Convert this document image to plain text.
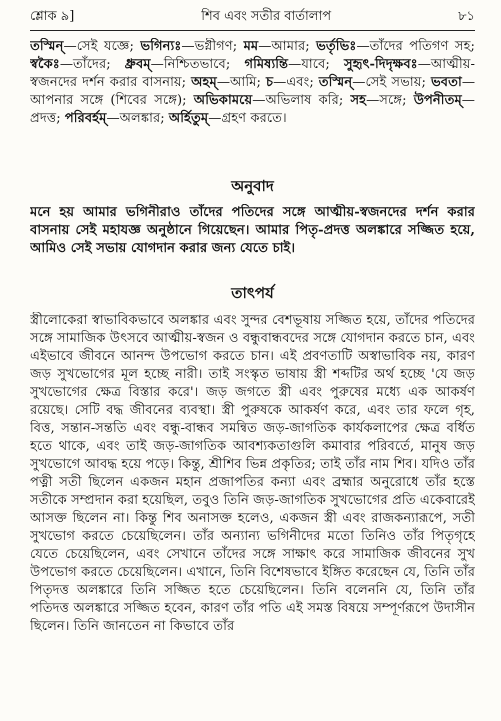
শ্লোক ৯]	শিব এবং সতীর বার্তালাপ	৮১

তস্মিন্—সেই যজ্ঞে; ভগিন্যঃ—ভগ্নীগণ; মম—আমার; ভর্তৃভিঃ—তাঁদের পতিগণ সহ; স্বকৈঃ—তাঁদের; ধ্রুবম্—নিশ্চিতভাবে; গমিষ্যন্তি—যাবে; সুহৃৎ-দিদৃক্ষবঃ—আত্মীয়-স্বজনদের দর্শন করার বাসনায়; অহম্—আমি; চ—এবং; তস্মিন্—সেই সভায়; ভবতা—আপনার সঙ্গে (শিবের সঙ্গে); অভিকাময়ে—অভিলাষ করি; সহ—সঙ্গে; উপনীতম্—প্রদত্ত; পরিবর্হম্—অলঙ্কার; অর্হিতুম্—গ্রহণ করতে।

অনুবাদ

মনে হয় আমার ভগিনীরাও তাঁদের পতিদের সঙ্গে আত্মীয়-স্বজনদের দর্শন করার বাসনায় সেই মহাযজ্ঞ অনুষ্ঠানে গিয়েছেন। আমার পিতৃ-প্রদত্ত অলঙ্কারে সজ্জিত হয়ে, আমিও সেই সভায় যোগদান করার জন্য যেতে চাই।

তাৎপর্য

স্ত্রীলোকেরা স্বাভাবিকভাবে অলঙ্কার এবং সুন্দর বেশভূষায় সজ্জিত হয়ে, তাঁদের পতিদের সঙ্গে সামাজিক উৎসবে আত্মীয়-স্বজন ও বন্ধুবান্ধবদের সঙ্গে যোগদান করতে চান, এবং এইভাবে জীবনে আনন্দ উপভোগ করতে চান। এই প্রবণতাটি অস্বাভাবিক নয়, কারণ জড় সুখভোগের মূল হচ্ছে নারী। তাই সংস্কৃত ভাষায় স্ত্রী শব্দটির অর্থ হচ্ছে 'যে জড় সুখভোগের ক্ষেত্র বিস্তার করে'। জড় জগতে স্ত্রী এবং পুরুষের মধ্যে এক আকর্ষণ রয়েছে। সেটি বদ্ধ জীবনের ব্যবস্থা। স্ত্রী পুরুষকে আকর্ষণ করে, এবং তার ফলে গৃহ, বিত্ত, সন্তান-সন্ততি এবং বন্ধু-বান্ধব সমন্বিত জড়-জাগতিক কার্যকলাপের ক্ষেত্র বর্ধিত হতে থাকে, এবং তাই জড়-জাগতিক আবশ্যকতাগুলি কমাবার পরিবর্তে, মানুষ জড় সুখভোগে আবদ্ধ হয়ে পড়ে। কিন্তু, শ্রীশিব ভিন্ন প্রকৃতির; তাই তাঁর নাম শিব। যদিও তাঁর পত্নী সতী ছিলেন একজন মহান প্রজাপতির কন্যা এবং ব্রহ্মার অনুরোধে তাঁর হস্তে সতীকে সম্প্রদান করা হয়েছিল, তবুও তিনি জড়-জাগতিক সুখভোগের প্রতি একেবারেই আসক্ত ছিলেন না। কিন্তু শিব অনাসক্ত হলেও, একজন স্ত্রী এবং রাজকন্যারূপে, সতী সুখভোগ করতে চেয়েছিলেন। তাঁর অন্যান্য ভগিনীদের মতো তিনিও তাঁর পিতৃগৃহে যেতে চেয়েছিলেন, এবং সেখানে তাঁদের সঙ্গে সাক্ষাৎ করে সামাজিক জীবনের সুখ উপভোগ করতে চেয়েছিলেন। এখানে, তিনি বিশেষভাবে ইঙ্গিত করেছেন যে, তিনি তাঁর পিতৃদত্ত অলঙ্কারে তিনি সজ্জিত হতে চেয়েছিলেন। তিনি বলেননি যে, তিনি তাঁর পতিদত্ত অলঙ্কারে সজ্জিত হবেন, কারণ তাঁর পতি এই সমস্ত বিষয়ে সম্পূর্ণরূপে উদাসীন ছিলেন। তিনি জানতেন না কিভাবে তাঁর
